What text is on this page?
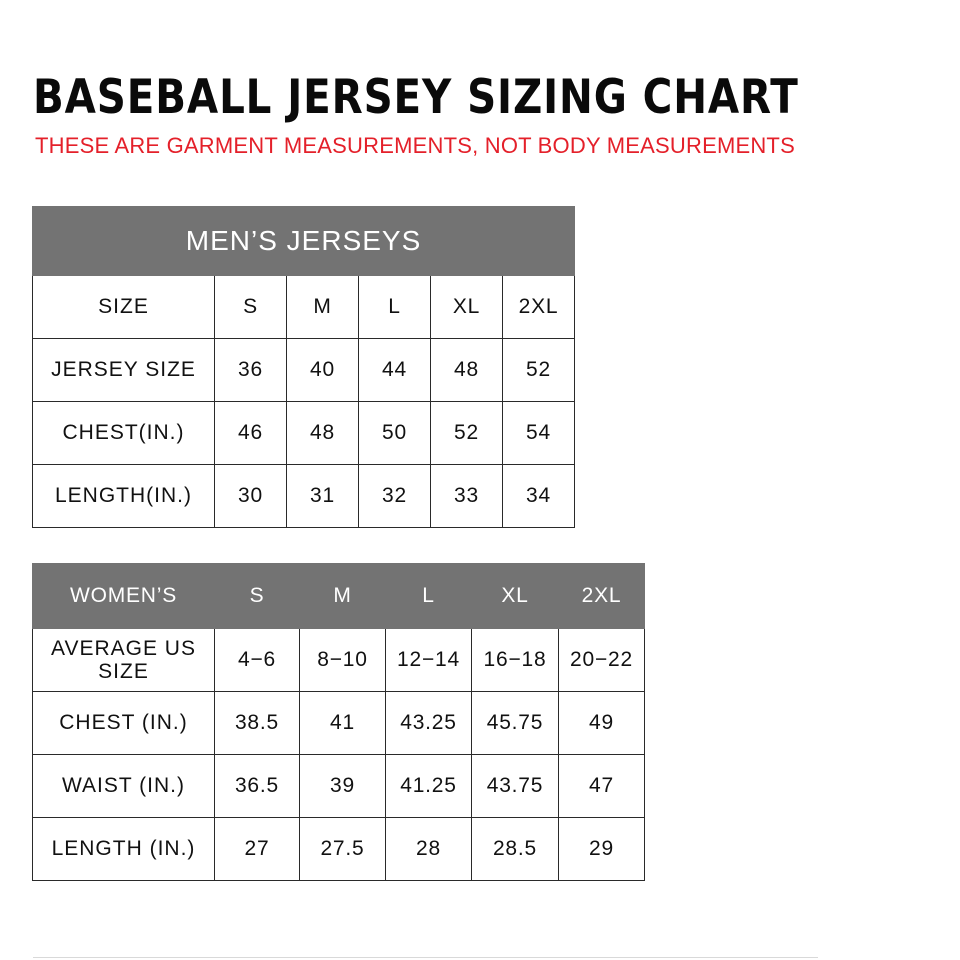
BASEBALL JERSEY SIZING CHART

THESE ARE GARMENT MEASUREMENTS, NOT BODY MEASUREMENTS

MEN’S JERSEYS					
SIZE	S	M	L	XL	2XL
JERSEY SIZE	36	40	44	48	52
CHEST(IN.)	46	48	50	52	54
LENGTH(IN.)	30	31	32	33	34
WOMEN’S	S	M	L	XL	2XL
AVERAGE US SIZE	4−6	8−10	12−14	16−18	20−22
CHEST (IN.)	38.5	41	43.25	45.75	49
WAIST (IN.)	36.5	39	41.25	43.75	47
LENGTH (IN.)	27	27.5	28	28.5	29
